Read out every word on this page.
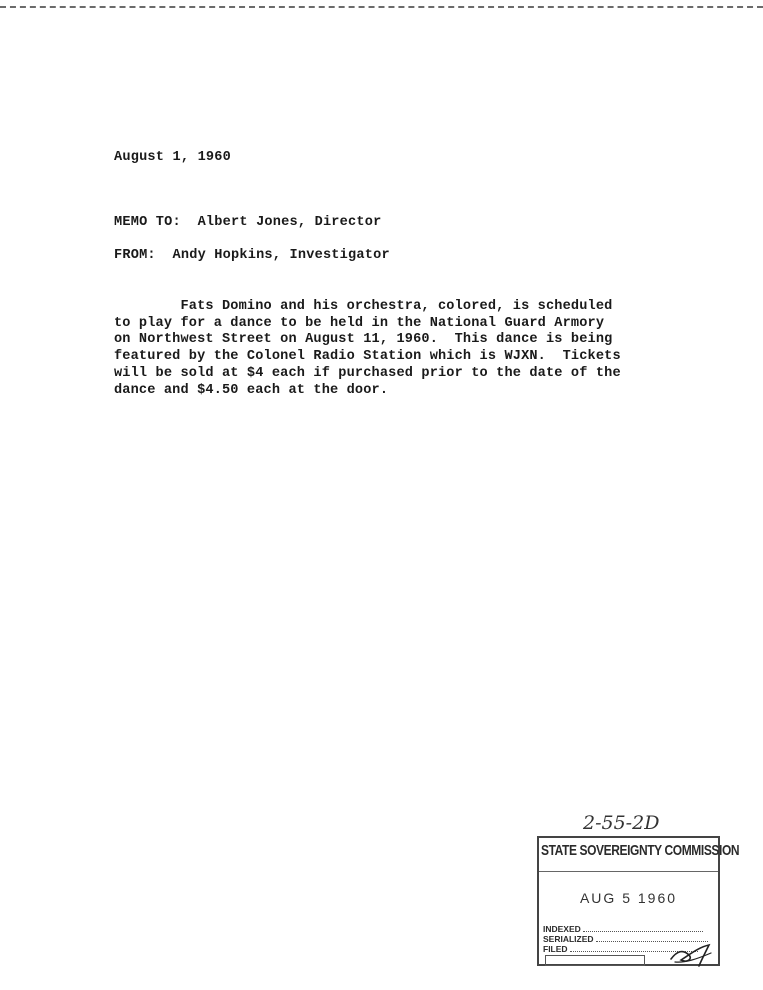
August 1, 1960

MEMO TO:  Albert Jones, Director

FROM:  Andy Hopkins, Investigator

Fats Domino and his orchestra, colored, is scheduled
to play for a dance to be held in the National Guard Armory
on Northwest Street on August 11, 1960.  This dance is being
featured by the Colonel Radio Station which is WJXN.  Tickets
will be sold at $4 each if purchased prior to the date of the
dance and $4.50 each at the door.
2-55-2D
STATE SOVEREIGNTY COMMISSION
AUG 5 1960
INDEXED
SERIALIZED
FILED
